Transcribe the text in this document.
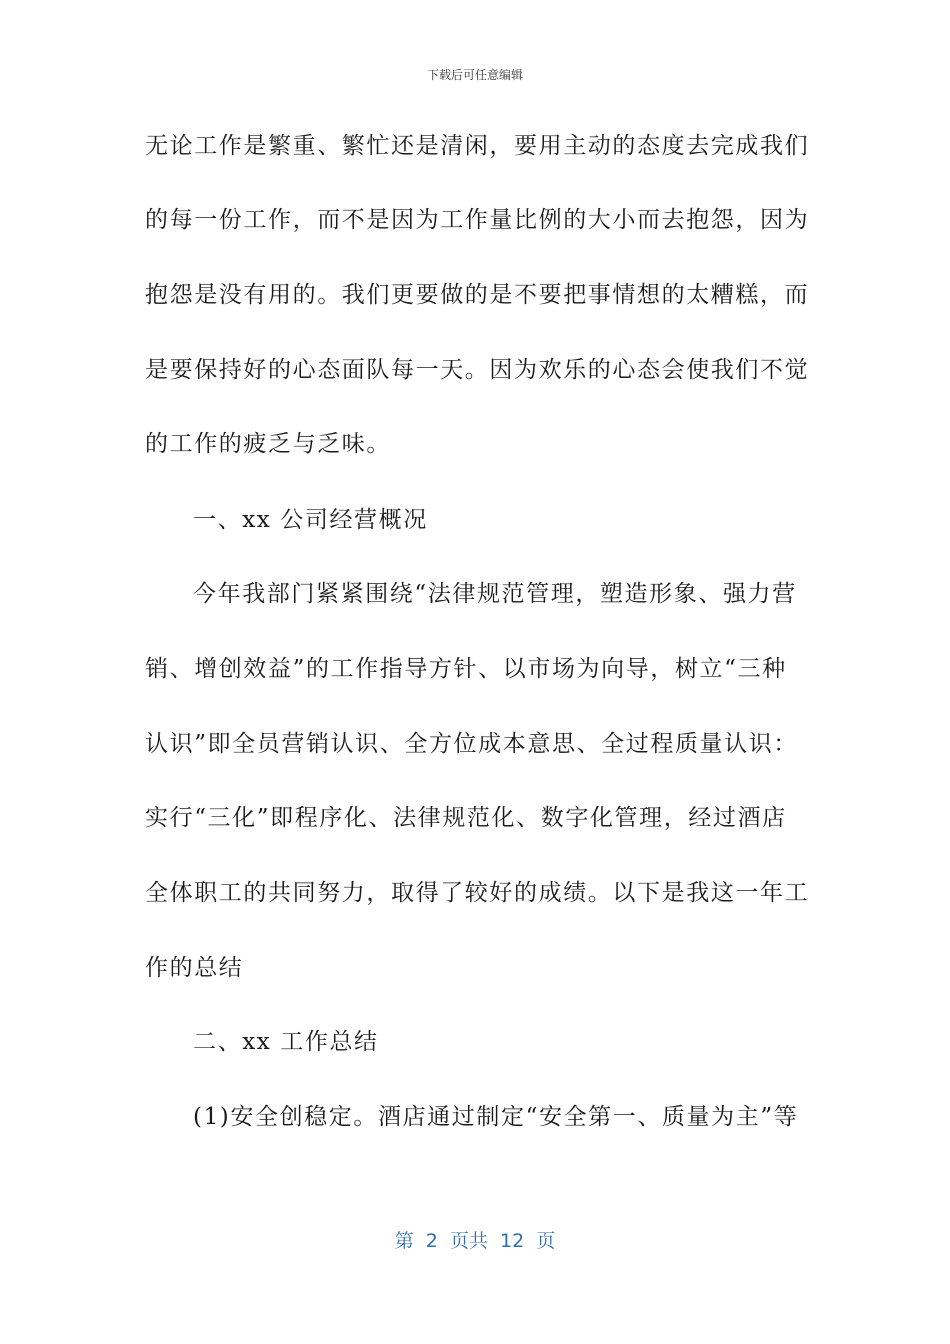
下载后可任意编辑
无论工作是繁重、繁忙还是清闲，要用主动的态度去完成我们
的每一份工作，而不是因为工作量比例的大小而去抱怨，因为
抱怨是没有用的。我们更要做的是不要把事情想的太糟糕，而
是要保持好的心态面队每一天。因为欢乐的心态会使我们不觉
的工作的疲乏与乏味。
一、xx 公司经营概况
今年我部门紧紧围绕“法律规范管理，塑造形象、强力营
销、增创效益”的工作指导方针、以市场为向导，树立“三种
认识”即全员营销认识、全方位成本意思、全过程质量认识：
实行“三化”即程序化、法律规范化、数字化管理，经过酒店
全体职工的共同努力，取得了较好的成绩。以下是我这一年工
作的总结
二、xx 工作总结
(1)安全创稳定。酒店通过制定“安全第一、质量为主”等
第  2  页共  12  页
